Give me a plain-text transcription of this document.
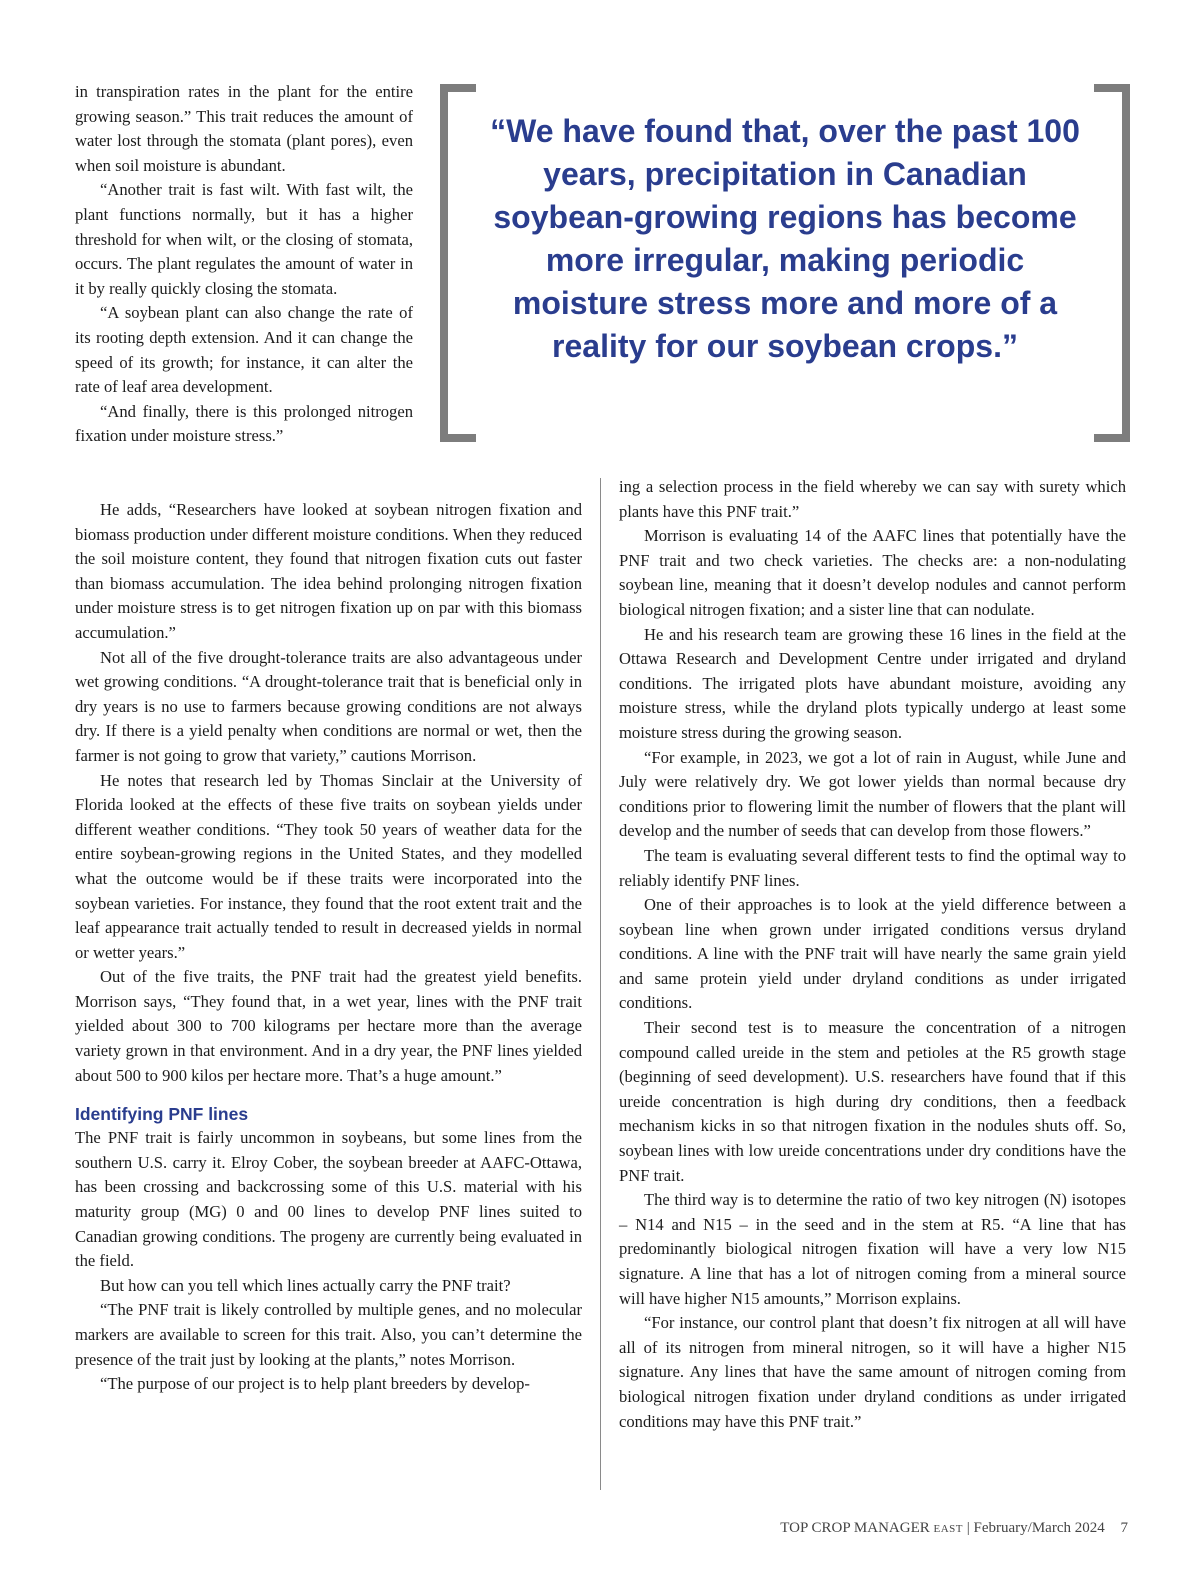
in transpiration rates in the plant for the entire growing season.” This trait reduces the amount of water lost through the stomata (plant pores), even when soil moisture is abundant.

“Another trait is fast wilt. With fast wilt, the plant functions normally, but it has a higher threshold for when wilt, or the closing of stomata, occurs. The plant regulates the amount of water in it by really quickly closing the stomata.

“A soybean plant can also change the rate of its rooting depth extension. And it can change the speed of its growth; for instance, it can alter the rate of leaf area development.

“And finally, there is this prolonged nitrogen fixation under moisture stress.”

“We have found that, over the past 100 years, precipitation in Canadian soybean-growing regions has become more irregular, making periodic moisture stress more and more of a reality for our soybean crops.”

He adds, “Researchers have looked at soybean nitrogen fixation and biomass production under different moisture conditions. When they reduced the soil moisture content, they found that nitrogen fixation cuts out faster than biomass accumulation. The idea behind prolonging nitrogen fixation under moisture stress is to get nitrogen fixation up on par with this biomass accumulation.”

Not all of the five drought-tolerance traits are also advantageous under wet growing conditions. “A drought-tolerance trait that is beneficial only in dry years is no use to farmers because growing conditions are not always dry. If there is a yield penalty when conditions are normal or wet, then the farmer is not going to grow that variety,” cautions Morrison.

He notes that research led by Thomas Sinclair at the University of Florida looked at the effects of these five traits on soybean yields under different weather conditions. “They took 50 years of weather data for the entire soybean-growing regions in the United States, and they modelled what the outcome would be if these traits were incorporated into the soybean varieties. For instance, they found that the root extent trait and the leaf appearance trait actually tended to result in decreased yields in normal or wetter years.”

Out of the five traits, the PNF trait had the greatest yield benefits. Morrison says, “They found that, in a wet year, lines with the PNF trait yielded about 300 to 700 kilograms per hectare more than the average variety grown in that environment. And in a dry year, the PNF lines yielded about 500 to 900 kilos per hectare more. That’s a huge amount.”

Identifying PNF lines

The PNF trait is fairly uncommon in soybeans, but some lines from the southern U.S. carry it. Elroy Cober, the soybean breeder at AAFC-Ottawa, has been crossing and backcrossing some of this U.S. material with his maturity group (MG) 0 and 00 lines to develop PNF lines suited to Canadian growing conditions. The progeny are currently being evaluated in the field.

But how can you tell which lines actually carry the PNF trait?

“The PNF trait is likely controlled by multiple genes, and no molecular markers are available to screen for this trait. Also, you can’t determine the presence of the trait just by looking at the plants,” notes Morrison.

“The purpose of our project is to help plant breeders by develop-

ing a selection process in the field whereby we can say with surety which plants have this PNF trait.”

Morrison is evaluating 14 of the AAFC lines that potentially have the PNF trait and two check varieties. The checks are: a non-nodulating soybean line, meaning that it doesn’t develop nodules and cannot perform biological nitrogen fixation; and a sister line that can nodulate.

He and his research team are growing these 16 lines in the field at the Ottawa Research and Development Centre under irrigated and dryland conditions. The irrigated plots have abundant moisture, avoiding any moisture stress, while the dryland plots typically undergo at least some moisture stress during the growing season.

“For example, in 2023, we got a lot of rain in August, while June and July were relatively dry. We got lower yields than normal because dry conditions prior to flowering limit the number of flowers that the plant will develop and the number of seeds that can develop from those flowers.”

The team is evaluating several different tests to find the optimal way to reliably identify PNF lines.

One of their approaches is to look at the yield difference between a soybean line when grown under irrigated conditions versus dryland conditions. A line with the PNF trait will have nearly the same grain yield and same protein yield under dryland conditions as under irrigated conditions.

Their second test is to measure the concentration of a nitrogen compound called ureide in the stem and petioles at the R5 growth stage (beginning of seed development). U.S. researchers have found that if this ureide concentration is high during dry conditions, then a feedback mechanism kicks in so that nitrogen fixation in the nodules shuts off. So, soybean lines with low ureide concentrations under dry conditions have the PNF trait.

The third way is to determine the ratio of two key nitrogen (N) isotopes – N14 and N15 – in the seed and in the stem at R5. “A line that has predominantly biological nitrogen fixation will have a very low N15 signature. A line that has a lot of nitrogen coming from a mineral source will have higher N15 amounts,” Morrison explains.

“For instance, our control plant that doesn’t fix nitrogen at all will have all of its nitrogen from mineral nitrogen, so it will have a higher N15 signature. Any lines that have the same amount of nitrogen coming from biological nitrogen fixation under dryland conditions as under irrigated conditions may have this PNF trait.”

TOP CROP MANAGER EAST | February/March 2024 7
